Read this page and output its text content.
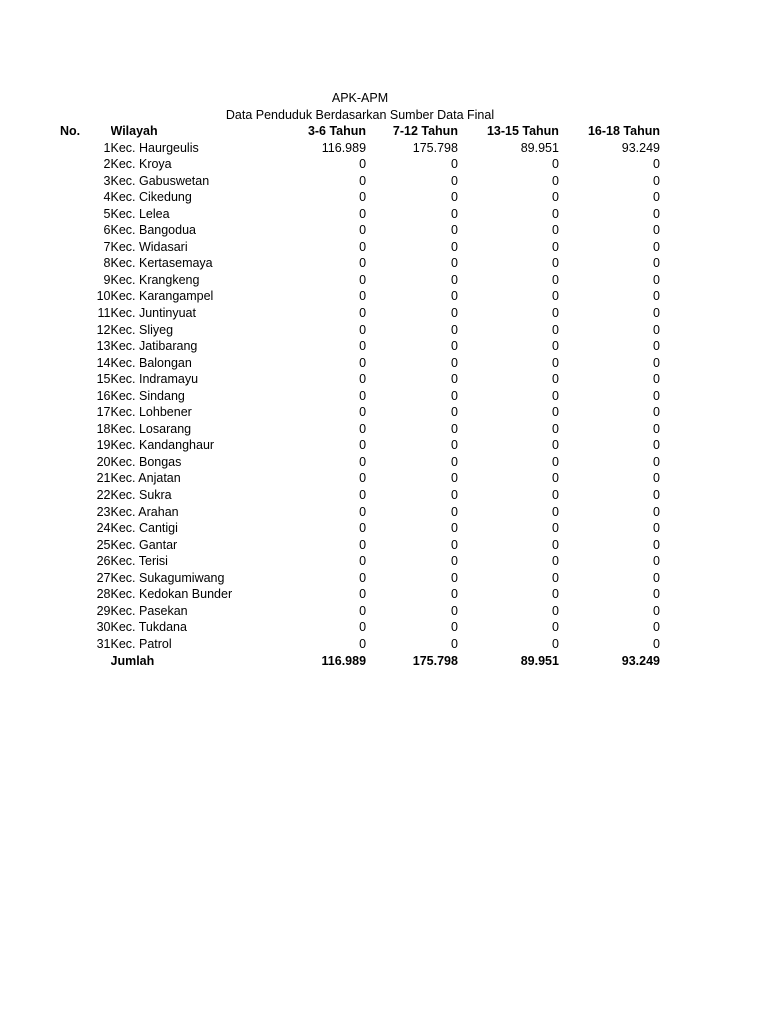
APK-APM
Data Penduduk Berdasarkan Sumber Data Final
No.	Wilayah	3-6 Tahun	7-12 Tahun	13-15 Tahun	16-18 Tahun
1	Kec. Haurgeulis	116.989	175.798	89.951	93.249
2	Kec. Kroya	0	0	0	0
3	Kec. Gabuswetan	0	0	0	0
4	Kec. Cikedung	0	0	0	0
5	Kec. Lelea	0	0	0	0
6	Kec. Bangodua	0	0	0	0
7	Kec. Widasari	0	0	0	0
8	Kec. Kertasemaya	0	0	0	0
9	Kec. Krangkeng	0	0	0	0
10	Kec. Karangampel	0	0	0	0
11	Kec. Juntinyuat	0	0	0	0
12	Kec. Sliyeg	0	0	0	0
13	Kec. Jatibarang	0	0	0	0
14	Kec. Balongan	0	0	0	0
15	Kec. Indramayu	0	0	0	0
16	Kec. Sindang	0	0	0	0
17	Kec. Lohbener	0	0	0	0
18	Kec. Losarang	0	0	0	0
19	Kec. Kandanghaur	0	0	0	0
20	Kec. Bongas	0	0	0	0
21	Kec. Anjatan	0	0	0	0
22	Kec. Sukra	0	0	0	0
23	Kec. Arahan	0	0	0	0
24	Kec. Cantigi	0	0	0	0
25	Kec. Gantar	0	0	0	0
26	Kec. Terisi	0	0	0	0
27	Kec. Sukagumiwang	0	0	0	0
28	Kec. Kedokan Bunder	0	0	0	0
29	Kec. Pasekan	0	0	0	0
30	Kec. Tukdana	0	0	0	0
31	Kec. Patrol	0	0	0	0
	Jumlah	116.989	175.798	89.951	93.249
